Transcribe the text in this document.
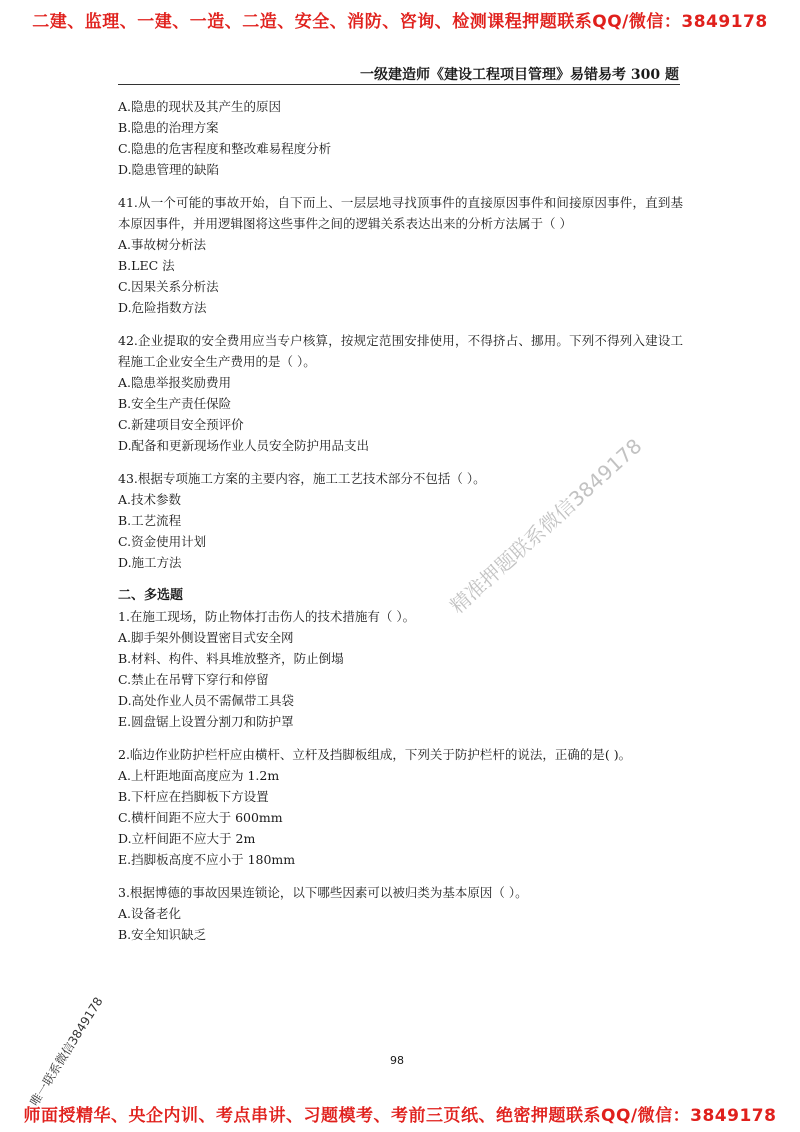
二建、监理、一建、一造、二造、安全、消防、咨询、检测课程押题联系QQ/微信：3849178
一级建造师《建设工程项目管理》易错易考 300 题
A.隐患的现状及其产生的原因
B.隐患的治理方案
C.隐患的危害程度和整改难易程度分析
D.隐患管理的缺陷
41.从一个可能的事故开始，自下而上、一层层地寻找顶事件的直接原因事件和间接原因事件，直到基本原因事件，并用逻辑图将这些事件之间的逻辑关系表达出来的分析方法属于（ ）
A.事故树分析法
B.LEC 法
C.因果关系分析法
D.危险指数方法
42.企业提取的安全费用应当专户核算，按规定范围安排使用，不得挤占、挪用。下列不得列入建设工程施工企业安全生产费用的是（ ）。
A.隐患举报奖励费用
B.安全生产责任保险
C.新建项目安全预评价
D.配备和更新现场作业人员安全防护用品支出
43.根据专项施工方案的主要内容，施工工艺技术部分不包括（ ）。
A.技术参数
B.工艺流程
C.资金使用计划
D.施工方法
二、多选题
1.在施工现场，防止物体打击伤人的技术措施有（ ）。
A.脚手架外侧设置密目式安全网
B.材料、构件、料具堆放整齐，防止倒塌
C.禁止在吊臂下穿行和停留
D.高处作业人员不需佩带工具袋
E.圆盘锯上设置分割刀和防护罩
2.临边作业防护栏杆应由横杆、立杆及挡脚板组成，下列关于防护栏杆的说法，正确的是( )。
A.上杆距地面高度应为 1.2m
B.下杆应在挡脚板下方设置
C.横杆间距不应大于 600mm
D.立杆间距不应大于 2m
E.挡脚板高度不应小于 180mm
3.根据博德的事故因果连锁论，以下哪些因素可以被归类为基本原因（ ）。
A.设备老化
B.安全知识缺乏
精准押题联系微信3849178
唯一联系微信3849178	98
师面授精华、央企内训、考点串讲、习题模考、考前三页纸、绝密押题联系QQ/微信：3849178
